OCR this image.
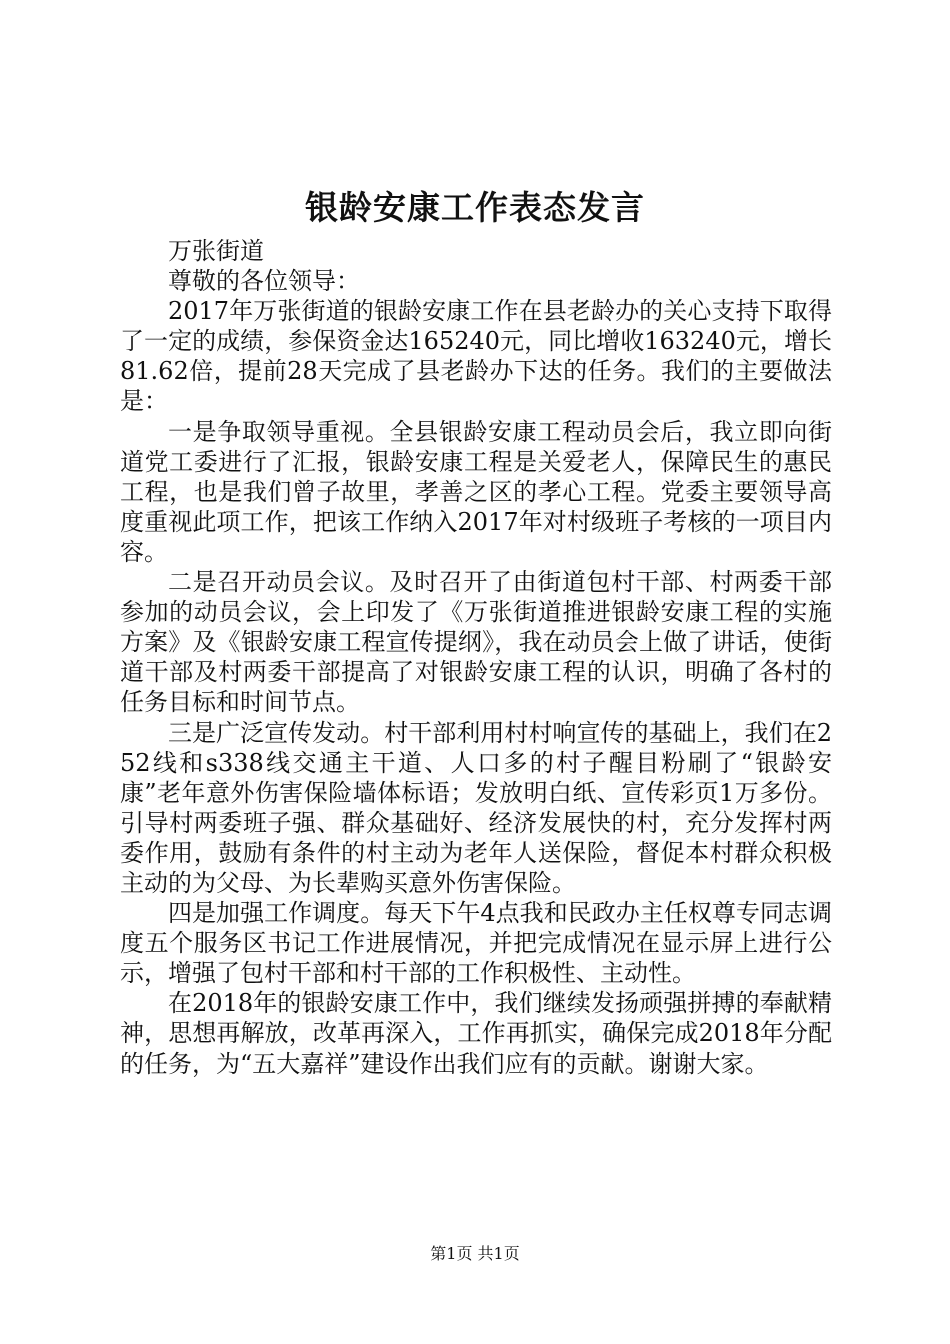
银龄安康工作表态发言

万张街道

尊敬的各位领导：

2017年万张街道的银龄安康工作在县老龄办的关心支持下取得了一定的成绩，参保资金达165240元，同比增收163240元，增长81.62倍，提前28天完成了县老龄办下达的任务。我们的主要做法是：

一是争取领导重视。全县银龄安康工程动员会后，我立即向街道党工委进行了汇报，银龄安康工程是关爱老人，保障民生的惠民工程，也是我们曾子故里，孝善之区的孝心工程。党委主要领导高度重视此项工作，把该工作纳入2017年对村级班子考核的一项目内容。

二是召开动员会议。及时召开了由街道包村干部、村两委干部参加的动员会议，会上印发了《万张街道推进银龄安康工程的实施方案》及《银龄安康工程宣传提纲》，我在动员会上做了讲话，使街道干部及村两委干部提高了对银龄安康工程的认识，明确了各村的任务目标和时间节点。

三是广泛宣传发动。村干部利用村村响宣传的基础上，我们在252线和s338线交通主干道、人口多的村子醒目粉刷了“银龄安康”老年意外伤害保险墙体标语；发放明白纸、宣传彩页1万多份。引导村两委班子强、群众基础好、经济发展快的村，充分发挥村两委作用，鼓励有条件的村主动为老年人送保险，督促本村群众积极主动的为父母、为长辈购买意外伤害保险。

四是加强工作调度。每天下午4点我和民政办主任权尊专同志调度五个服务区书记工作进展情况，并把完成情况在显示屏上进行公示，增强了包村干部和村干部的工作积极性、主动性。

在2018年的银龄安康工作中，我们继续发扬顽强拼搏的奉献精神，思想再解放，改革再深入，工作再抓实，确保完成2018年分配的任务，为“五大嘉祥”建设作出我们应有的贡献。谢谢大家。

第1页 共1页
